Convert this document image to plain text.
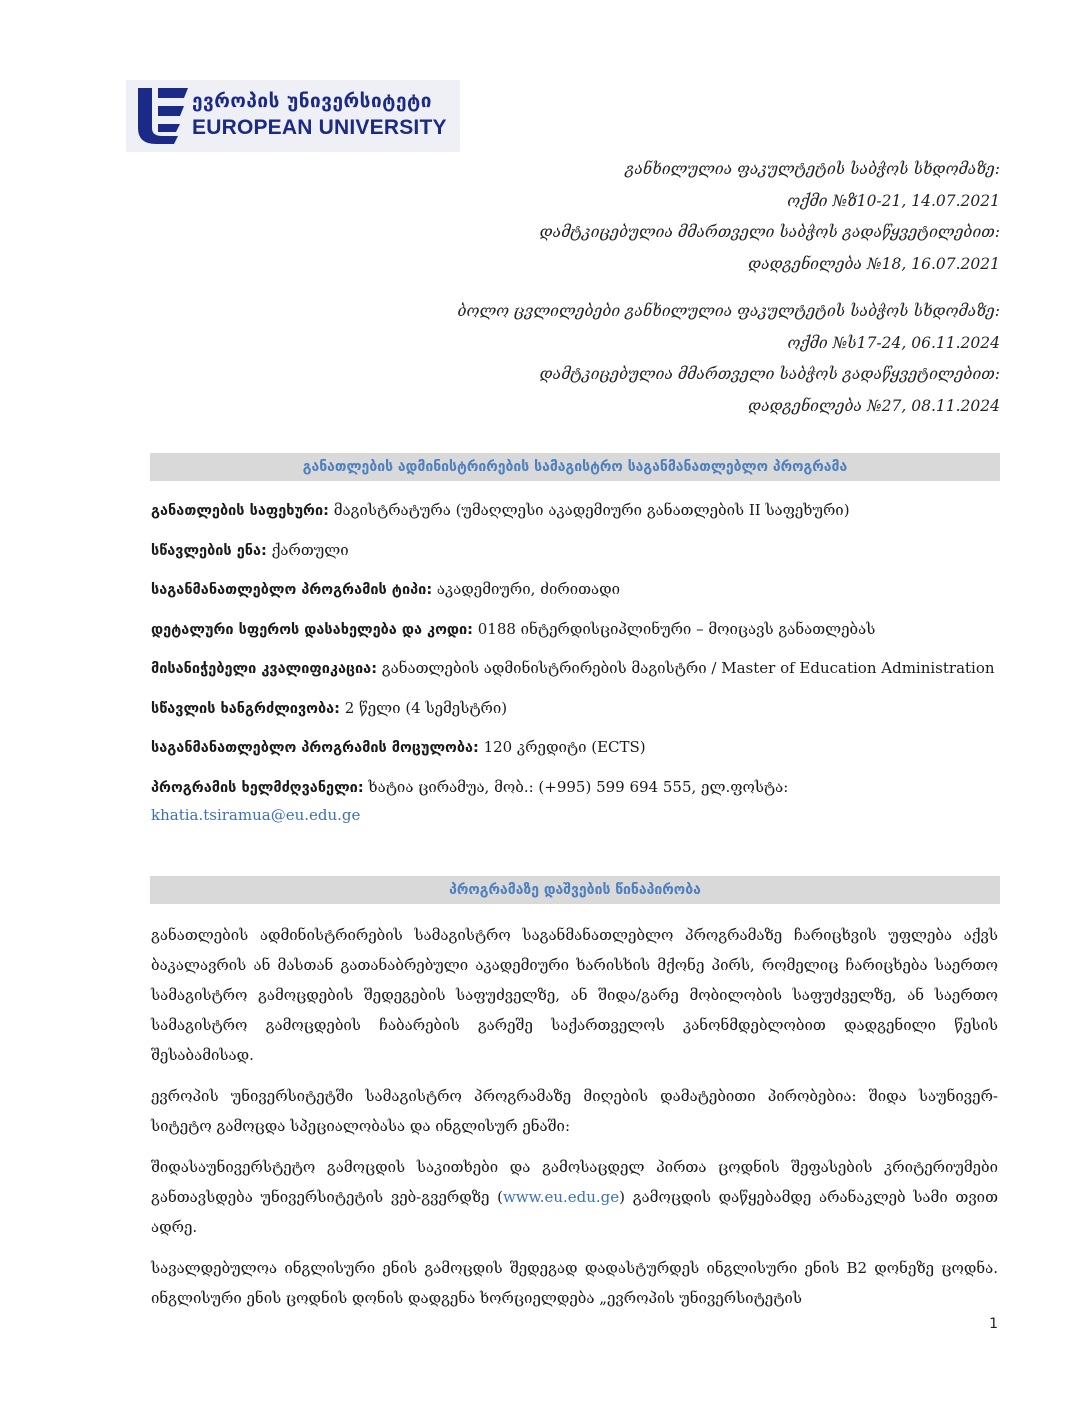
ევროპის უნივერსიტეტი
EUROPEAN UNIVERSITY
განხილულია ფაკულტეტის საბჭოს სხდომაზე:
ოქმი №ზ10-21, 14.07.2021
დამტკიცებულია მმართველი საბჭოს გადაწყვეტილებით:
დადგენილება №18, 16.07.2021
ბოლო ცვლილებები განხილულია ფაკულტეტის საბჭოს სხდომაზე:
ოქმი №ს17-24, 06.11.2024
დამტკიცებულია მმართველი საბჭოს გადაწყვეტილებით:
დადგენილება №27, 08.11.2024
განათლების ადმინისტრირების სამაგისტრო საგანმანათლებლო პროგრამა
განათლების საფეხური: მაგისტრატურა (უმაღლესი აკადემიური განათლების II საფეხური)
სწავლების ენა: ქართული
საგანმანათლებლო პროგრამის ტიპი: აკადემიური, ძირითადი
დეტალური სფეროს დასახელება და კოდი: 0188 ინტერდისციპლინური – მოიცავს განათლებას
მისანიჭებელი კვალიფიკაცია: განათლების ადმინისტრირების მაგისტრი / Master of Education Administration
სწავლის ხანგრძლივობა: 2 წელი (4 სემესტრი)
საგანმანათლებლო პროგრამის მოცულობა: 120 კრედიტი (ECTS)
პროგრამის ხელმძღვანელი: ხატია ცირამუა, მობ.: (+995) 599 694 555, ელ.ფოსტა: khatia.tsiramua@eu.edu.ge
პროგრამაზე დაშვების წინაპირობა

განათლების ადმინისტრირების სამაგისტრო საგანმანათლებლო პროგრამაზე ჩარიცხვის უფლება აქვს ბაკალავრის ან მასთან გათანაბრებული აკადემიური ხარისხის მქონე პირს, რომელიც ჩარიცხება საერთო სამაგისტრო გამოცდების შედეგების საფუძველზე, ან შიდა/გარე მობილობის საფუძველზე, ან საერთო სამაგისტრო გამოცდების ჩაბარების გარეშე საქართველოს კანონმდებლობით დადგენილი წესის შესაბამისად.

ევროპის უნივერსიტეტში სამაგისტრო პროგრამაზე მიღების დამატებითი პირობებია: შიდა საუნივერ-სიტეტო გამოცდა სპეციალობასა და ინგლისურ ენაში:

შიდასაუნივერსტეტო გამოცდის საკითხები და გამოსაცდელ პირთა ცოდნის შეფასების კრიტერიუმები განთავსდება უნივერსიტეტის ვებ-გვერდზე (www.eu.edu.ge) გამოცდის დაწყებამდე არანაკლებ სამი თვით ადრე.

სავალდებულოა ინგლისური ენის გამოცდის შედეგად დადასტურდეს ინგლისური ენის B2 დონეზე ცოდნა. ინგლისური ენის ცოდნის დონის დადგენა ხორციელდება „ევროპის უნივერსიტეტის

1
